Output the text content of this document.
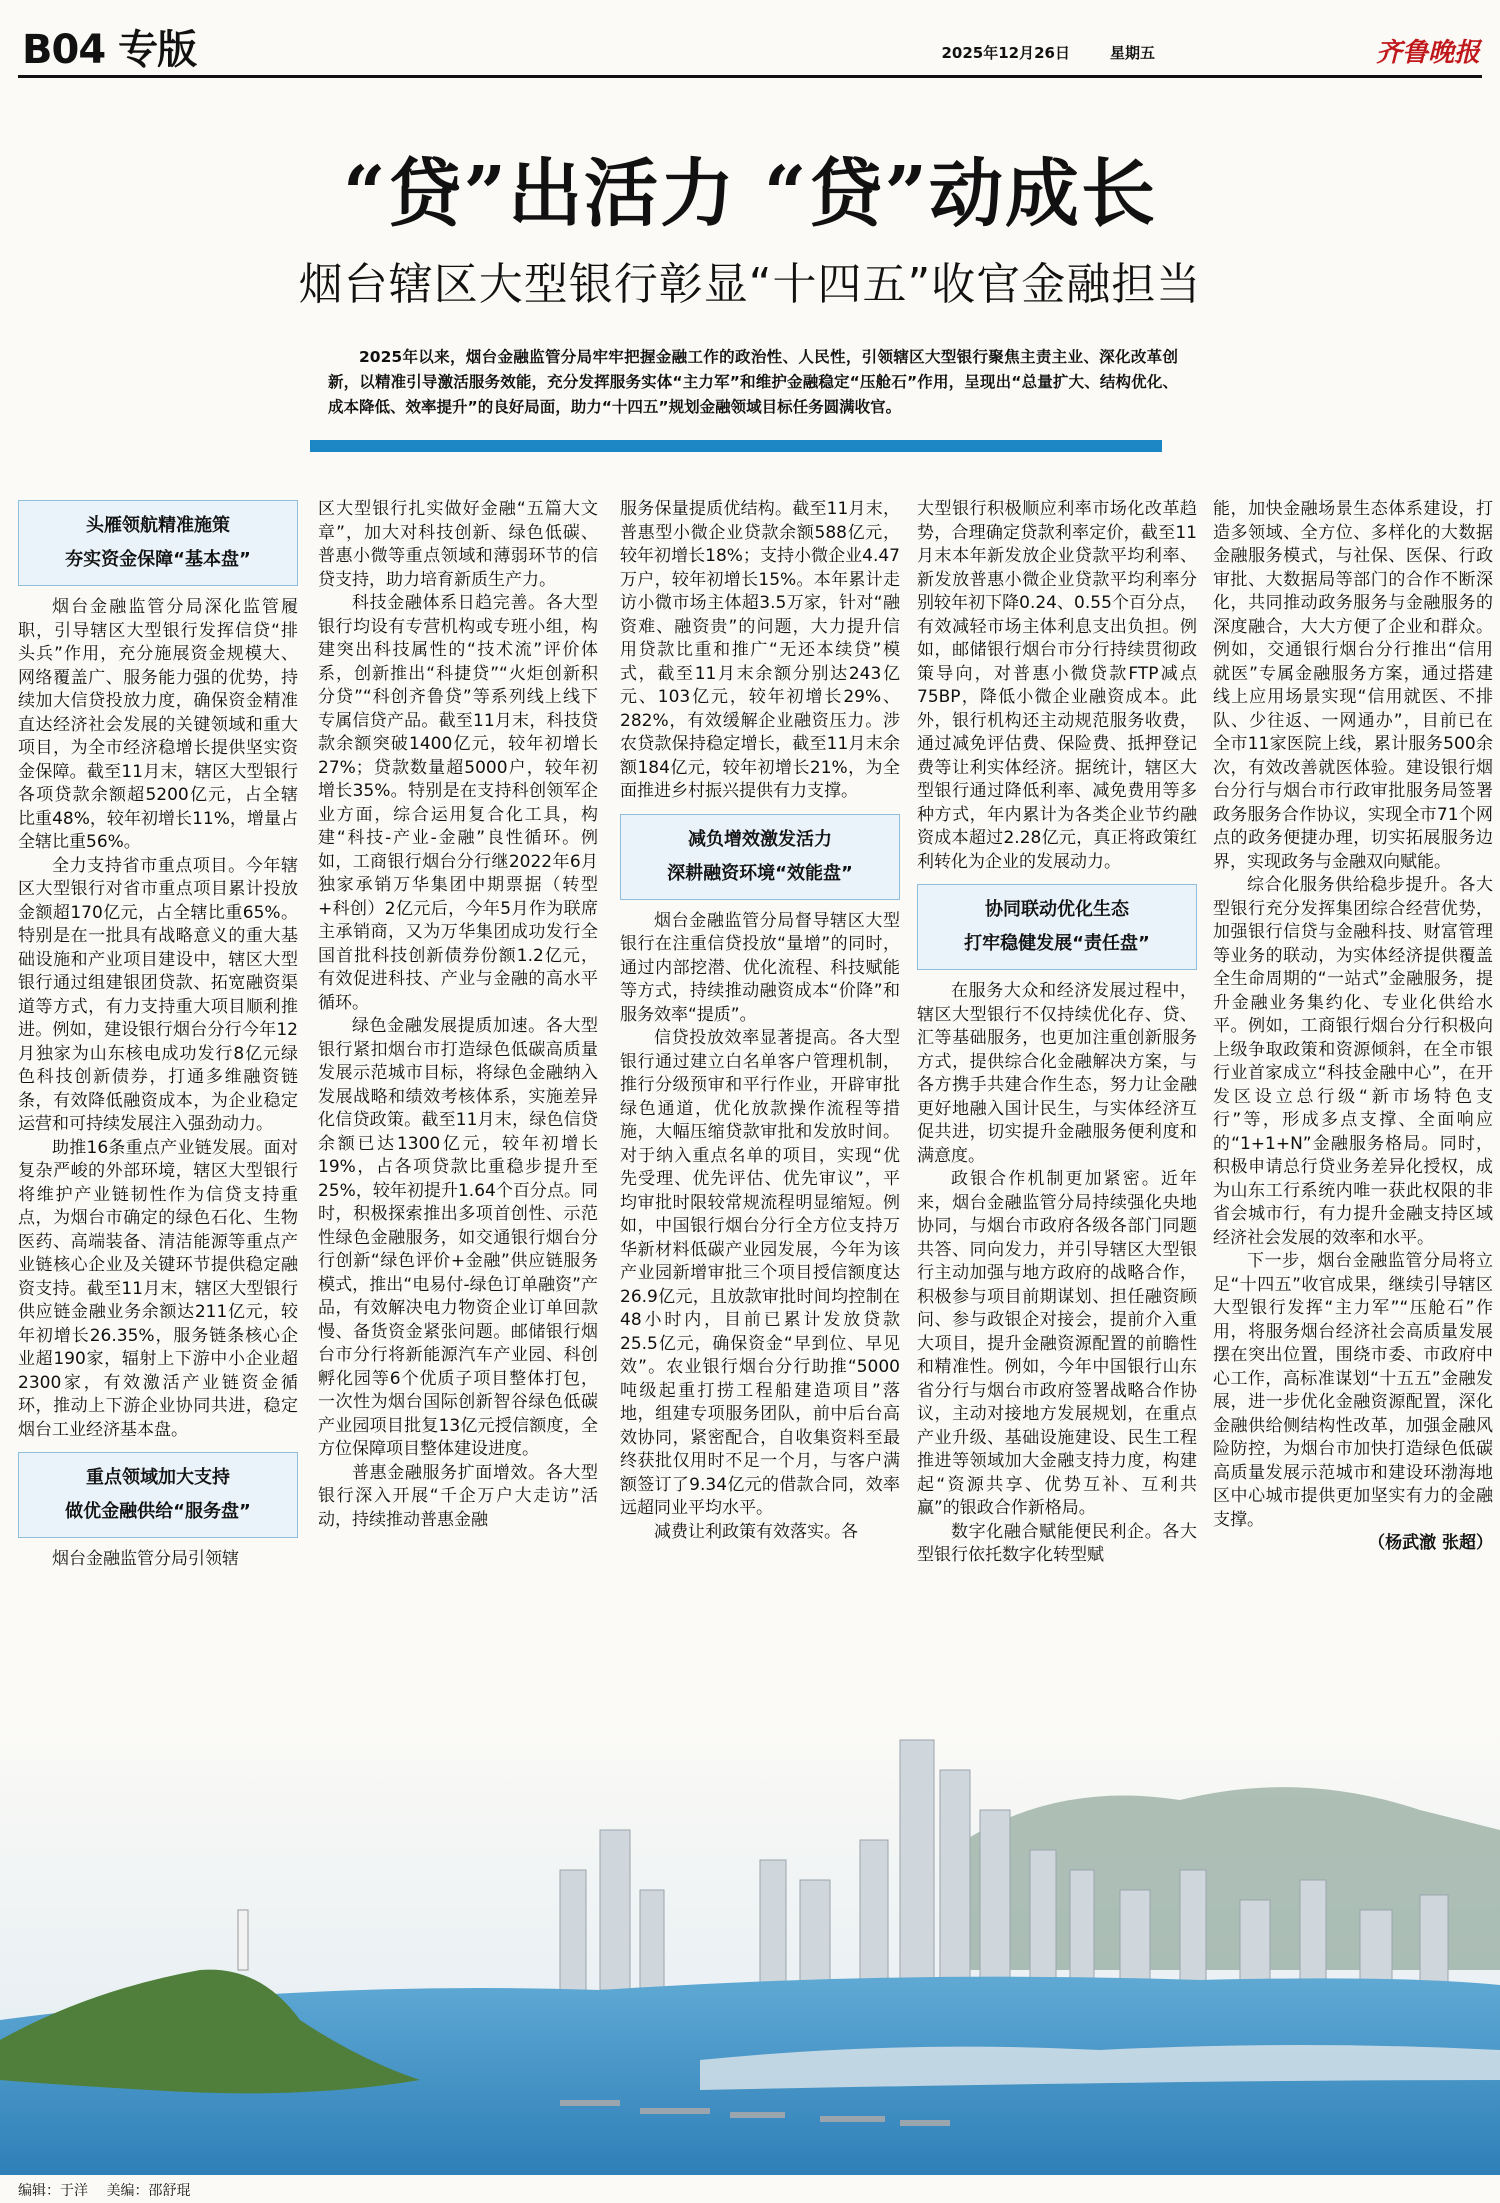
B04 专版	2025年12月26日	星期五	齐鲁晚报
“贷”出活力 “贷”动成长
烟台辖区大型银行彰显“十四五”收官金融担当
2025年以来，烟台金融监管分局牢牢把握金融工作的政治性、人民性，引领辖区大型银行聚焦主责主业、深化改革创新，以精准引导激活服务效能，充分发挥服务实体“主力军”和维护金融稳定“压舱石”作用，呈现出“总量扩大、结构优化、成本降低、效率提升”的良好局面，助力“十四五”规划金融领域目标任务圆满收官。
头雁领航精准施策
夯实资金保障“基本盘”

烟台金融监管分局深化监管履职，引导辖区大型银行发挥信贷“排头兵”作用，充分施展资金规模大、网络覆盖广、服务能力强的优势，持续加大信贷投放力度，确保资金精准直达经济社会发展的关键领域和重大项目，为全市经济稳增长提供坚实资金保障。截至11月末，辖区大型银行各项贷款余额超5200亿元，占全辖比重48%，较年初增长11%，增量占全辖比重56%。

全力支持省市重点项目。今年辖区大型银行对省市重点项目累计投放金额超170亿元，占全辖比重65%。特别是在一批具有战略意义的重大基础设施和产业项目建设中，辖区大型银行通过组建银团贷款、拓宽融资渠道等方式，有力支持重大项目顺利推进。例如，建设银行烟台分行今年12月独家为山东核电成功发行8亿元绿色科技创新债券，打通多维融资链条，有效降低融资成本，为企业稳定运营和可持续发展注入强劲动力。

助推16条重点产业链发展。面对复杂严峻的外部环境，辖区大型银行将维护产业链韧性作为信贷支持重点，为烟台市确定的绿色石化、生物医药、高端装备、清洁能源等重点产业链核心企业及关键环节提供稳定融资支持。截至11月末，辖区大型银行供应链金融业务余额达211亿元，较年初增长26.35%，服务链条核心企业超190家，辐射上下游中小企业超2300家，有效激活产业链资金循环，推动上下游企业协同共进，稳定烟台工业经济基本盘。

重点领域加大支持
做优金融供给“服务盘”

烟台金融监管分局引领辖

区大型银行扎实做好金融“五篇大文章”，加大对科技创新、绿色低碳、普惠小微等重点领域和薄弱环节的信贷支持，助力培育新质生产力。

科技金融体系日趋完善。各大型银行均设有专营机构或专班小组，构建突出科技属性的“技术流”评价体系，创新推出“科捷贷”“火炬创新积分贷”“科创齐鲁贷”等系列线上线下专属信贷产品。截至11月末，科技贷款余额突破1400亿元，较年初增长27%；贷款数量超5000户，较年初增长35%。特别是在支持科创领军企业方面，综合运用复合化工具，构建“科技-产业-金融”良性循环。例如，工商银行烟台分行继2022年6月独家承销万华集团中期票据（转型+科创）2亿元后，今年5月作为联席主承销商，又为万华集团成功发行全国首批科技创新债券份额1.2亿元，有效促进科技、产业与金融的高水平循环。

绿色金融发展提质加速。各大型银行紧扣烟台市打造绿色低碳高质量发展示范城市目标，将绿色金融纳入发展战略和绩效考核体系，实施差异化信贷政策。截至11月末，绿色信贷余额已达1300亿元，较年初增长19%，占各项贷款比重稳步提升至25%，较年初提升1.64个百分点。同时，积极探索推出多项首创性、示范性绿色金融服务，如交通银行烟台分行创新“绿色评价+金融”供应链服务模式，推出“电易付-绿色订单融资”产品，有效解决电力物资企业订单回款慢、备货资金紧张问题。邮储银行烟台市分行将新能源汽车产业园、科创孵化园等6个优质子项目整体打包，一次性为烟台国际创新智谷绿色低碳产业园项目批复13亿元授信额度，全方位保障项目整体建设进度。

普惠金融服务扩面增效。各大型银行深入开展“千企万户大走访”活动，持续推动普惠金融

服务保量提质优结构。截至11月末，普惠型小微企业贷款余额588亿元，较年初增长18%；支持小微企业4.47万户，较年初增长15%。本年累计走访小微市场主体超3.5万家，针对“融资难、融资贵”的问题，大力提升信用贷款比重和推广“无还本续贷”模式，截至11月末余额分别达243亿元、103亿元，较年初增长29%、282%，有效缓解企业融资压力。涉农贷款保持稳定增长，截至11月末余额184亿元，较年初增长21%，为全面推进乡村振兴提供有力支撑。

减负增效激发活力
深耕融资环境“效能盘”

烟台金融监管分局督导辖区大型银行在注重信贷投放“量增”的同时，通过内部挖潜、优化流程、科技赋能等方式，持续推动融资成本“价降”和服务效率“提质”。

信贷投放效率显著提高。各大型银行通过建立白名单客户管理机制，推行分级预审和平行作业，开辟审批绿色通道，优化放款操作流程等措施，大幅压缩贷款审批和发放时间。对于纳入重点名单的项目，实现“优先受理、优先评估、优先审议”，平均审批时限较常规流程明显缩短。例如，中国银行烟台分行全方位支持万华新材料低碳产业园发展，今年为该产业园新增审批三个项目授信额度达26.9亿元，且放款审批时间均控制在48小时内，目前已累计发放贷款25.5亿元，确保资金“早到位、早见效”。农业银行烟台分行助推“5000吨级起重打捞工程船建造项目”落地，组建专项服务团队，前中后台高效协同，紧密配合，自收集资料至最终获批仅用时不足一个月，与客户满额签订了9.34亿元的借款合同，效率远超同业平均水平。

减费让利政策有效落实。各

大型银行积极顺应利率市场化改革趋势，合理确定贷款利率定价，截至11月末本年新发放企业贷款平均利率、新发放普惠小微企业贷款平均利率分别较年初下降0.24、0.55个百分点，有效减轻市场主体利息支出负担。例如，邮储银行烟台市分行持续贯彻政策导向，对普惠小微贷款FTP减点75BP，降低小微企业融资成本。此外，银行机构还主动规范服务收费，通过减免评估费、保险费、抵押登记费等让利实体经济。据统计，辖区大型银行通过降低利率、减免费用等多种方式，年内累计为各类企业节约融资成本超过2.28亿元，真正将政策红利转化为企业的发展动力。

协同联动优化生态
打牢稳健发展“责任盘”

在服务大众和经济发展过程中，辖区大型银行不仅持续优化存、贷、汇等基础服务，也更加注重创新服务方式，提供综合化金融解决方案，与各方携手共建合作生态，努力让金融更好地融入国计民生，与实体经济互促共进，切实提升金融服务便利度和满意度。

政银合作机制更加紧密。近年来，烟台金融监管分局持续强化央地协同，与烟台市政府各级各部门同题共答、同向发力，并引导辖区大型银行主动加强与地方政府的战略合作，积极参与项目前期谋划、担任融资顾问、参与政银企对接会，提前介入重大项目，提升金融资源配置的前瞻性和精准性。例如，今年中国银行山东省分行与烟台市政府签署战略合作协议，主动对接地方发展规划，在重点产业升级、基础设施建设、民生工程推进等领域加大金融支持力度，构建起“资源共享、优势互补、互利共赢”的银政合作新格局。

数字化融合赋能便民利企。各大型银行依托数字化转型赋

能，加快金融场景生态体系建设，打造多领域、全方位、多样化的大数据金融服务模式，与社保、医保、行政审批、大数据局等部门的合作不断深化，共同推动政务服务与金融服务的深度融合，大大方便了企业和群众。例如，交通银行烟台分行推出“信用就医”专属金融服务方案，通过搭建线上应用场景实现“信用就医、不排队、少往返、一网通办”，目前已在全市11家医院上线，累计服务500余次，有效改善就医体验。建设银行烟台分行与烟台市行政审批服务局签署政务服务合作协议，实现全市71个网点的政务便捷办理，切实拓展服务边界，实现政务与金融双向赋能。

综合化服务供给稳步提升。各大型银行充分发挥集团综合经营优势，加强银行信贷与金融科技、财富管理等业务的联动，为实体经济提供覆盖全生命周期的“一站式”金融服务，提升金融业务集约化、专业化供给水平。例如，工商银行烟台分行积极向上级争取政策和资源倾斜，在全市银行业首家成立“科技金融中心”，在开发区设立总行级“新市场特色支行”等，形成多点支撑、全面响应的“1+1+N”金融服务格局。同时，积极申请总行贷业务差异化授权，成为山东工行系统内唯一获此权限的非省会城市行，有力提升金融支持区域经济社会发展的效率和水平。

下一步，烟台金融监管分局将立足“十四五”收官成果，继续引导辖区大型银行发挥“主力军”“压舱石”作用，将服务烟台经济社会高质量发展摆在突出位置，围绕市委、市政府中心工作，高标准谋划“十五五”金融发展，进一步优化金融资源配置，深化金融供给侧结构性改革，加强金融风险防控，为烟台市加快打造绿色低碳高质量发展示范城市和建设环渤海地区中心城市提供更加坚实有力的金融支撑。

（杨武澈 张超）
编辑：于洋 美编：邵舒琨
